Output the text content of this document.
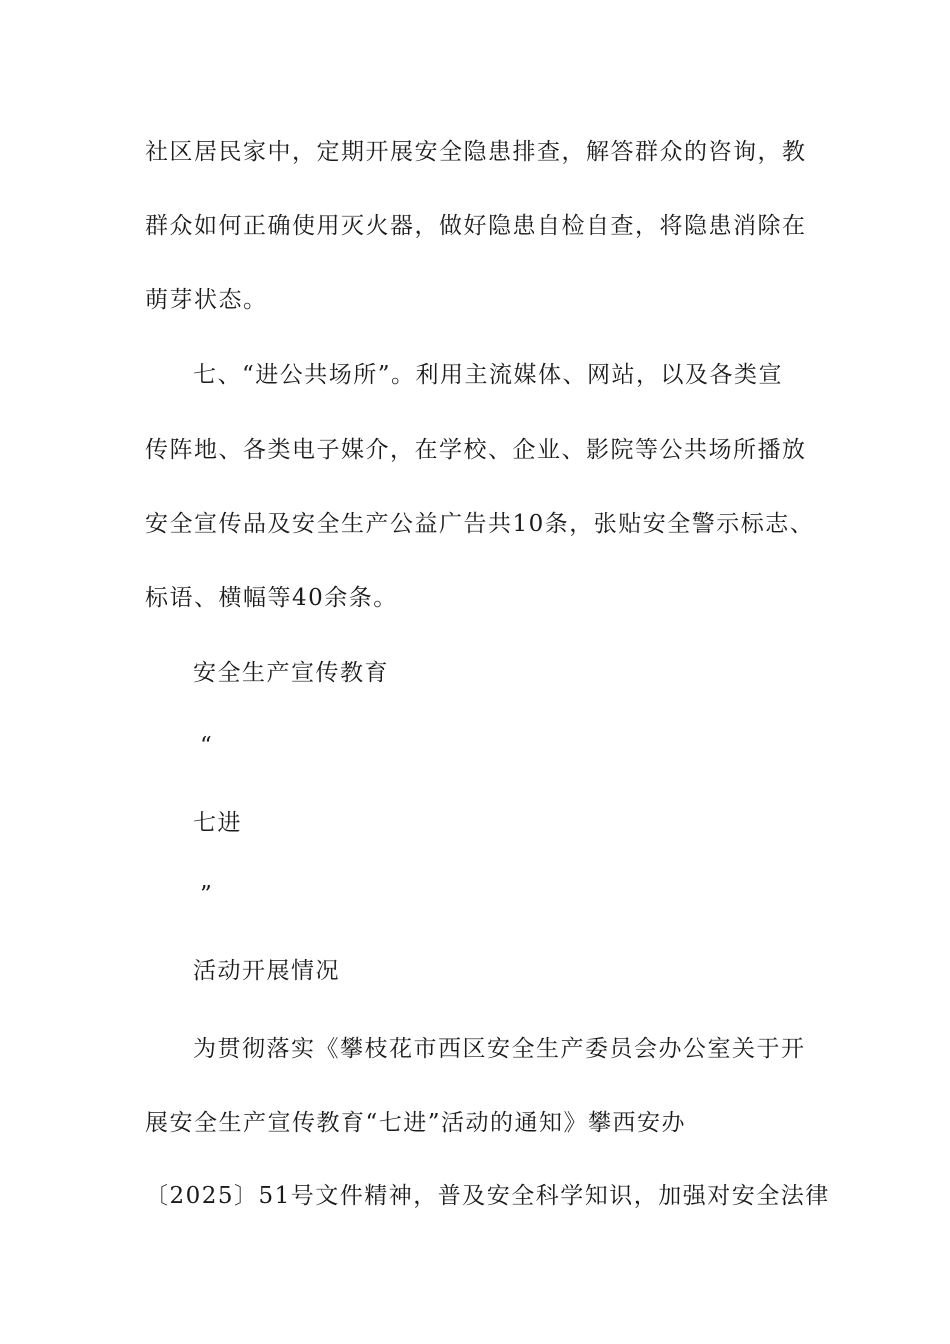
社区居民家中，定期开展安全隐患排查，解答群众的咨询，教
群众如何正确使用灭火器，做好隐患自检自查，将隐患消除在
萌芽状态。
七、“进公共场所”。利用主流媒体、网站，以及各类宣
传阵地、各类电子媒介，在学校、企业、影院等公共场所播放
安全宣传品及安全生产公益广告共10条，张贴安全警示标志、
标语、横幅等40余条。
安全生产宣传教育
“
七进
”
活动开展情况
为贯彻落实《攀枝花市西区安全生产委员会办公室关于开
展安全生产宣传教育“七进”活动的通知》攀西安办
〔2025〕51号文件精神，普及安全科学知识，加强对安全法律
